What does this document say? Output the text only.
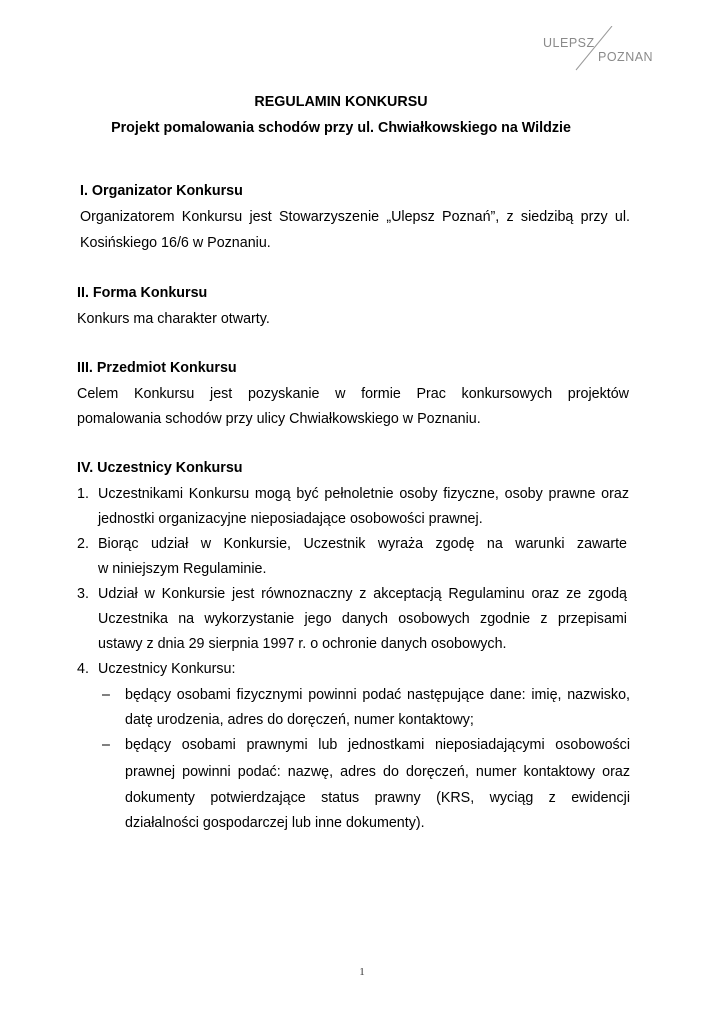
ULEPSZ
POZNAN
REGULAMIN KONKURSU
Projekt pomalowania schodów przy ul. Chwiałkowskiego na Wildzie
I. Organizator Konkursu
Organizatorem Konkursu jest Stowarzyszenie „Ulepsz Poznań”, z siedzibą przy ul.
Kosińskiego 16/6 w Poznaniu.
II. Forma Konkursu
Konkurs ma charakter otwarty.
III. Przedmiot Konkursu
Celem Konkursu jest pozyskanie w formie Prac konkursowych projektów
pomalowania schodów przy ulicy Chwiałkowskiego w Poznaniu.
IV. Uczestnicy Konkursu
1. Uczestnikami Konkursu mogą być pełnoletnie osoby fizyczne, osoby prawne oraz
jednostki organizacyjne nieposiadające osobowości prawnej.
2. Biorąc udział w Konkursie, Uczestnik wyraża zgodę na warunki zawarte
w niniejszym Regulaminie.
3. Udział w Konkursie jest równoznaczny z akceptacją Regulaminu oraz ze zgodą
Uczestnika na wykorzystanie jego danych osobowych zgodnie z przepisami
ustawy z dnia 29 sierpnia 1997 r. o ochronie danych osobowych.
4. Uczestnicy Konkursu:
– będący osobami fizycznymi powinni podać następujące dane: imię, nazwisko,
datę urodzenia, adres do doręczeń, numer kontaktowy;
– będący osobami prawnymi lub jednostkami nieposiadającymi osobowości
prawnej powinni podać: nazwę, adres do doręczeń, numer kontaktowy oraz
dokumenty potwierdzające status prawny (KRS, wyciąg z ewidencji
działalności gospodarczej lub inne dokumenty).
1
